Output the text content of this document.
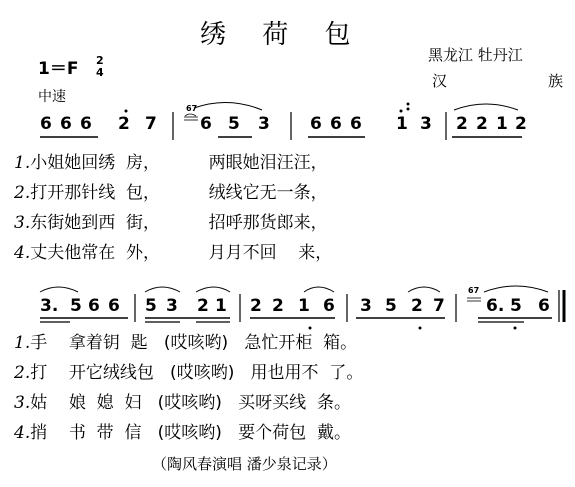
绣 荷 包
黑龙江 牡丹江
汉	族
1＝F 2
4
中速
6 6 6 2 7	6 5 3 6 6 6 1 3 2 2 1 2
3. 5 6 6 5 3 2 1 2 2 1 6 3 5 2 7 6. 5 6
67
67
1.小姐她回绣  房，         两眼她泪汪汪，
2.打开那针线  包，         绒线它无一条，
3.东街她到西  街，         招呼那货郎来，
4.丈夫他常在  外，         月月不回    来，
1.手    拿着钥  匙   (哎咳哟)   急忙开柜  箱。
2.打    开它绒线包   (哎咳哟)   用也用不  了。
3.姑    娘  媳  妇   (哎咳哟)   买呀买线  条。
4.捎    书  带  信   (哎咳哟)   要个荷包  戴。
（陶风春演唱 潘少泉记录）
